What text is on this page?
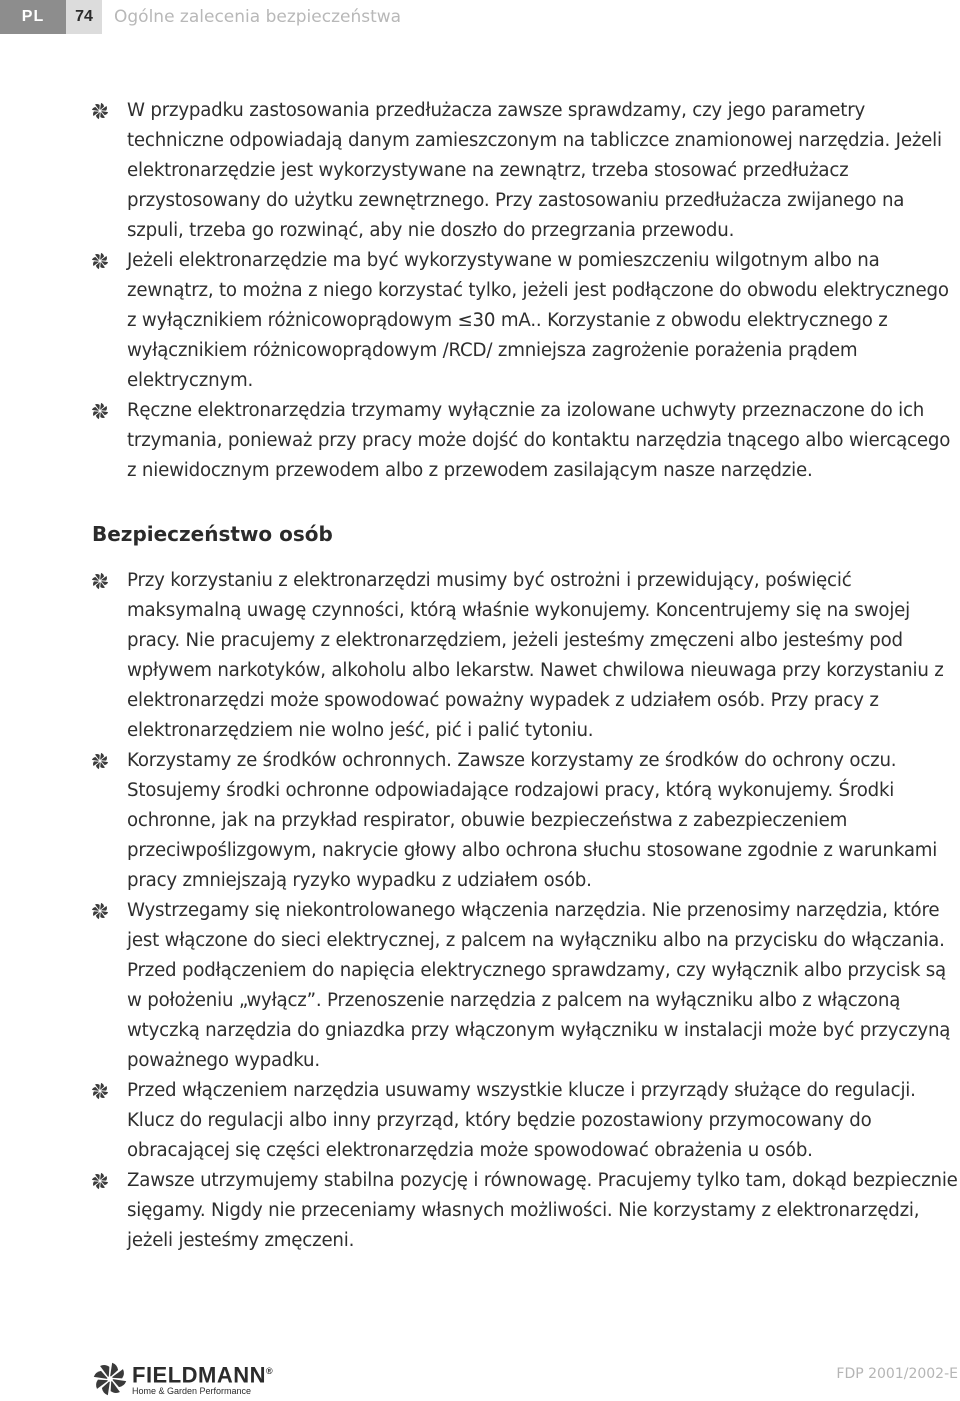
PL	74	Ogólne zalecenia bezpieczeństwa
W przypadku zastosowania przedłużacza zawsze sprawdzamy, czy jego parametry techniczne odpowiadają danym zamieszczonym na tabliczce znamionowej narzędzia. Jeżeli elektronarzędzie jest wykorzystywane na zewnątrz, trzeba stosować przedłużacz przystosowany do użytku zewnętrznego. Przy zastosowaniu przedłużacza zwijanego na szpuli, trzeba go rozwinąć, aby nie doszło do przegrzania przewodu.
Jeżeli elektronarzędzie ma być wykorzystywane w pomieszczeniu wilgotnym albo na zewnątrz, to można z niego korzystać tylko, jeżeli jest podłączone do obwodu elektrycznego z wyłącznikiem różnicowoprądowym ≤30 mA.. Korzystanie z obwodu elektrycznego z wyłącznikiem różnicowoprądowym /RCD/ zmniejsza zagrożenie porażenia prądem elektrycznym.
Ręczne elektronarzędzia trzymamy wyłącznie za izolowane uchwyty przeznaczone do ich trzymania, ponieważ przy pracy może dojść do kontaktu narzędzia tnącego albo wiercącego z niewidocznym przewodem albo z przewodem zasilającym nasze narzędzie.
Bezpieczeństwo osób
Przy korzystaniu z elektronarzędzi musimy być ostrożni i przewidujący, poświęcić maksymalną uwagę czynności, którą właśnie wykonujemy. Koncentrujemy się na swojej pracy. Nie pracujemy z elektronarzędziem, jeżeli jesteśmy zmęczeni albo jesteśmy pod wpływem narkotyków, alkoholu albo lekarstw. Nawet chwilowa nieuwaga przy korzystaniu z elektronarzędzi może spowodować poważny wypadek z udziałem osób. Przy pracy z elektronarzędziem nie wolno jeść, pić i palić tytoniu.
Korzystamy ze środków ochronnych. Zawsze korzystamy ze środków do ochrony oczu. Stosujemy środki ochronne odpowiadające rodzajowi pracy, którą wykonujemy. Środki ochronne, jak na przykład respirator, obuwie bezpieczeństwa z zabezpieczeniem przeciwpoślizgowym, nakrycie głowy albo ochrona słuchu stosowane zgodnie z warunkami pracy zmniejszają ryzyko wypadku z udziałem osób.
Wystrzegamy się niekontrolowanego włączenia narzędzia. Nie przenosimy narzędzia, które jest włączone do sieci elektrycznej, z palcem na wyłączniku albo na przycisku do włączania. Przed podłączeniem do napięcia elektrycznego sprawdzamy, czy wyłącznik albo przycisk są w położeniu „wyłącz”. Przenoszenie narzędzia z palcem na wyłączniku albo z włączoną wtyczką narzędzia do gniazdka przy włączonym wyłączniku w instalacji może być przyczyną poważnego wypadku.
Przed włączeniem narzędzia usuwamy wszystkie klucze i przyrządy służące do regulacji. Klucz do regulacji albo inny przyrząd, który będzie pozostawiony przymocowany do obracającej się części elektronarzędzia może spowodować obrażenia u osób.
Zawsze utrzymujemy stabilna pozycję i równowagę. Pracujemy tylko tam, dokąd bezpiecznie sięgamy. Nigdy nie przeceniamy własnych możliwości. Nie korzystamy z elektronarzędzi, jeżeli jesteśmy zmęczeni.
FIELDMANN®
Home & Garden Performance
FDP 2001/2002-E
